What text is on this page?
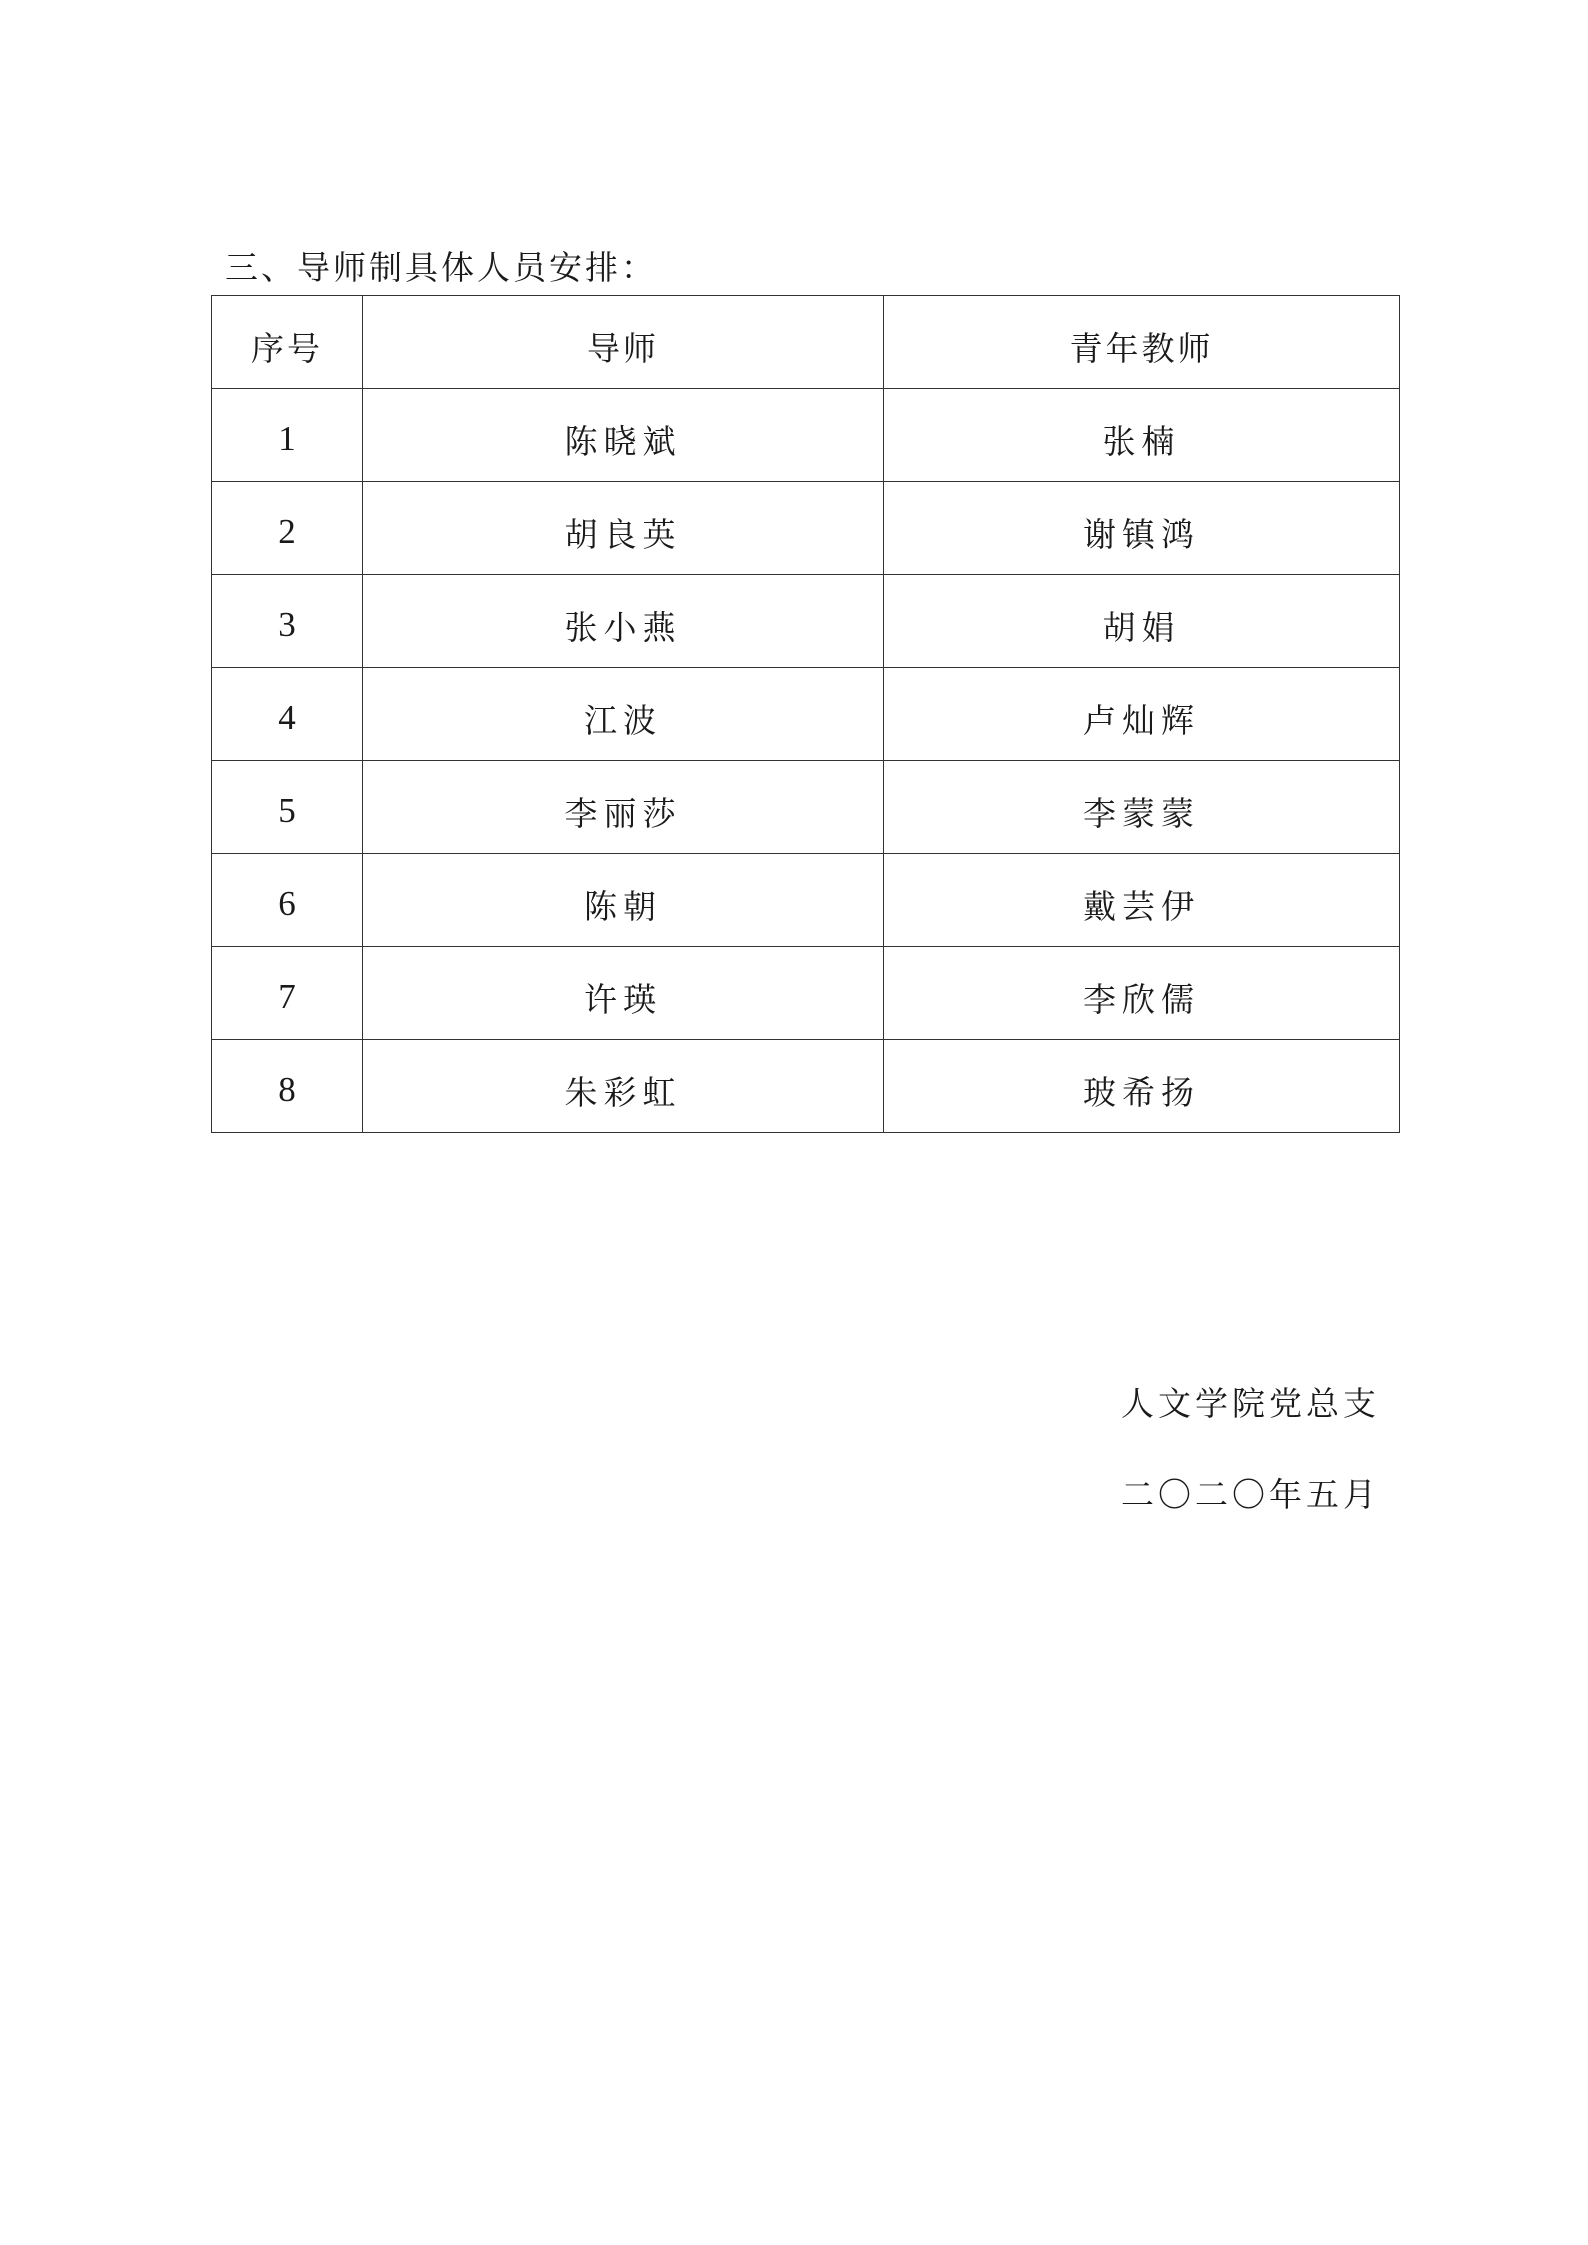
三、导师制具体人员安排：
序号	导师	青年教师
1	陈晓斌	张楠
2	胡良英	谢镇鸿
3	张小燕	胡娟
4	江波	卢灿辉
5	李丽莎	李蒙蒙
6	陈朝	戴芸伊
7	许瑛	李欣儒
8	朱彩虹	玻希扬
人文学院党总支
二〇二〇年五月
